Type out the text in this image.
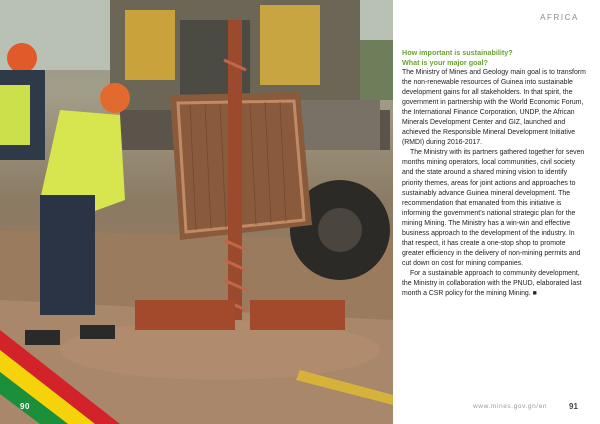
90
AFRICA

How important is sustainability?

What is your major goal?

The Ministry of Mines and Geology main goal is to transform the non-renewable resources of Guinea into sustainable development gains for all stakeholders. In that spirit, the government in partnership with the World Economic Forum, the International Finance Corporation, UNDP, the African Minerals Development Center and GIZ, launched and achieved the Responsible Mineral Development Initiative (RMDI) during 2016-2017.

The Ministry with its partners gathered together for seven months mining operators, local communities, civil society and the state around a shared mining vision to identify priority themes, areas for joint actions and approaches to sustainably advance Guinea mineral development. The recommendation that emanated from this initiative is informing the government’s national strategic plan for the mining Mining. The Ministry has a win-win and effective business approach to the development of the industry. In that respect, it has create a one-stop shop to promote greater efficiency in the delivery of non-mining permits and cut down on cost for mining companies.

For a sustainable approach to community development, the Ministry in collaboration with the PNUD, elaborated last month a CSR policy for the mining Mining. ■

www.mines.gov.gn/en	91
